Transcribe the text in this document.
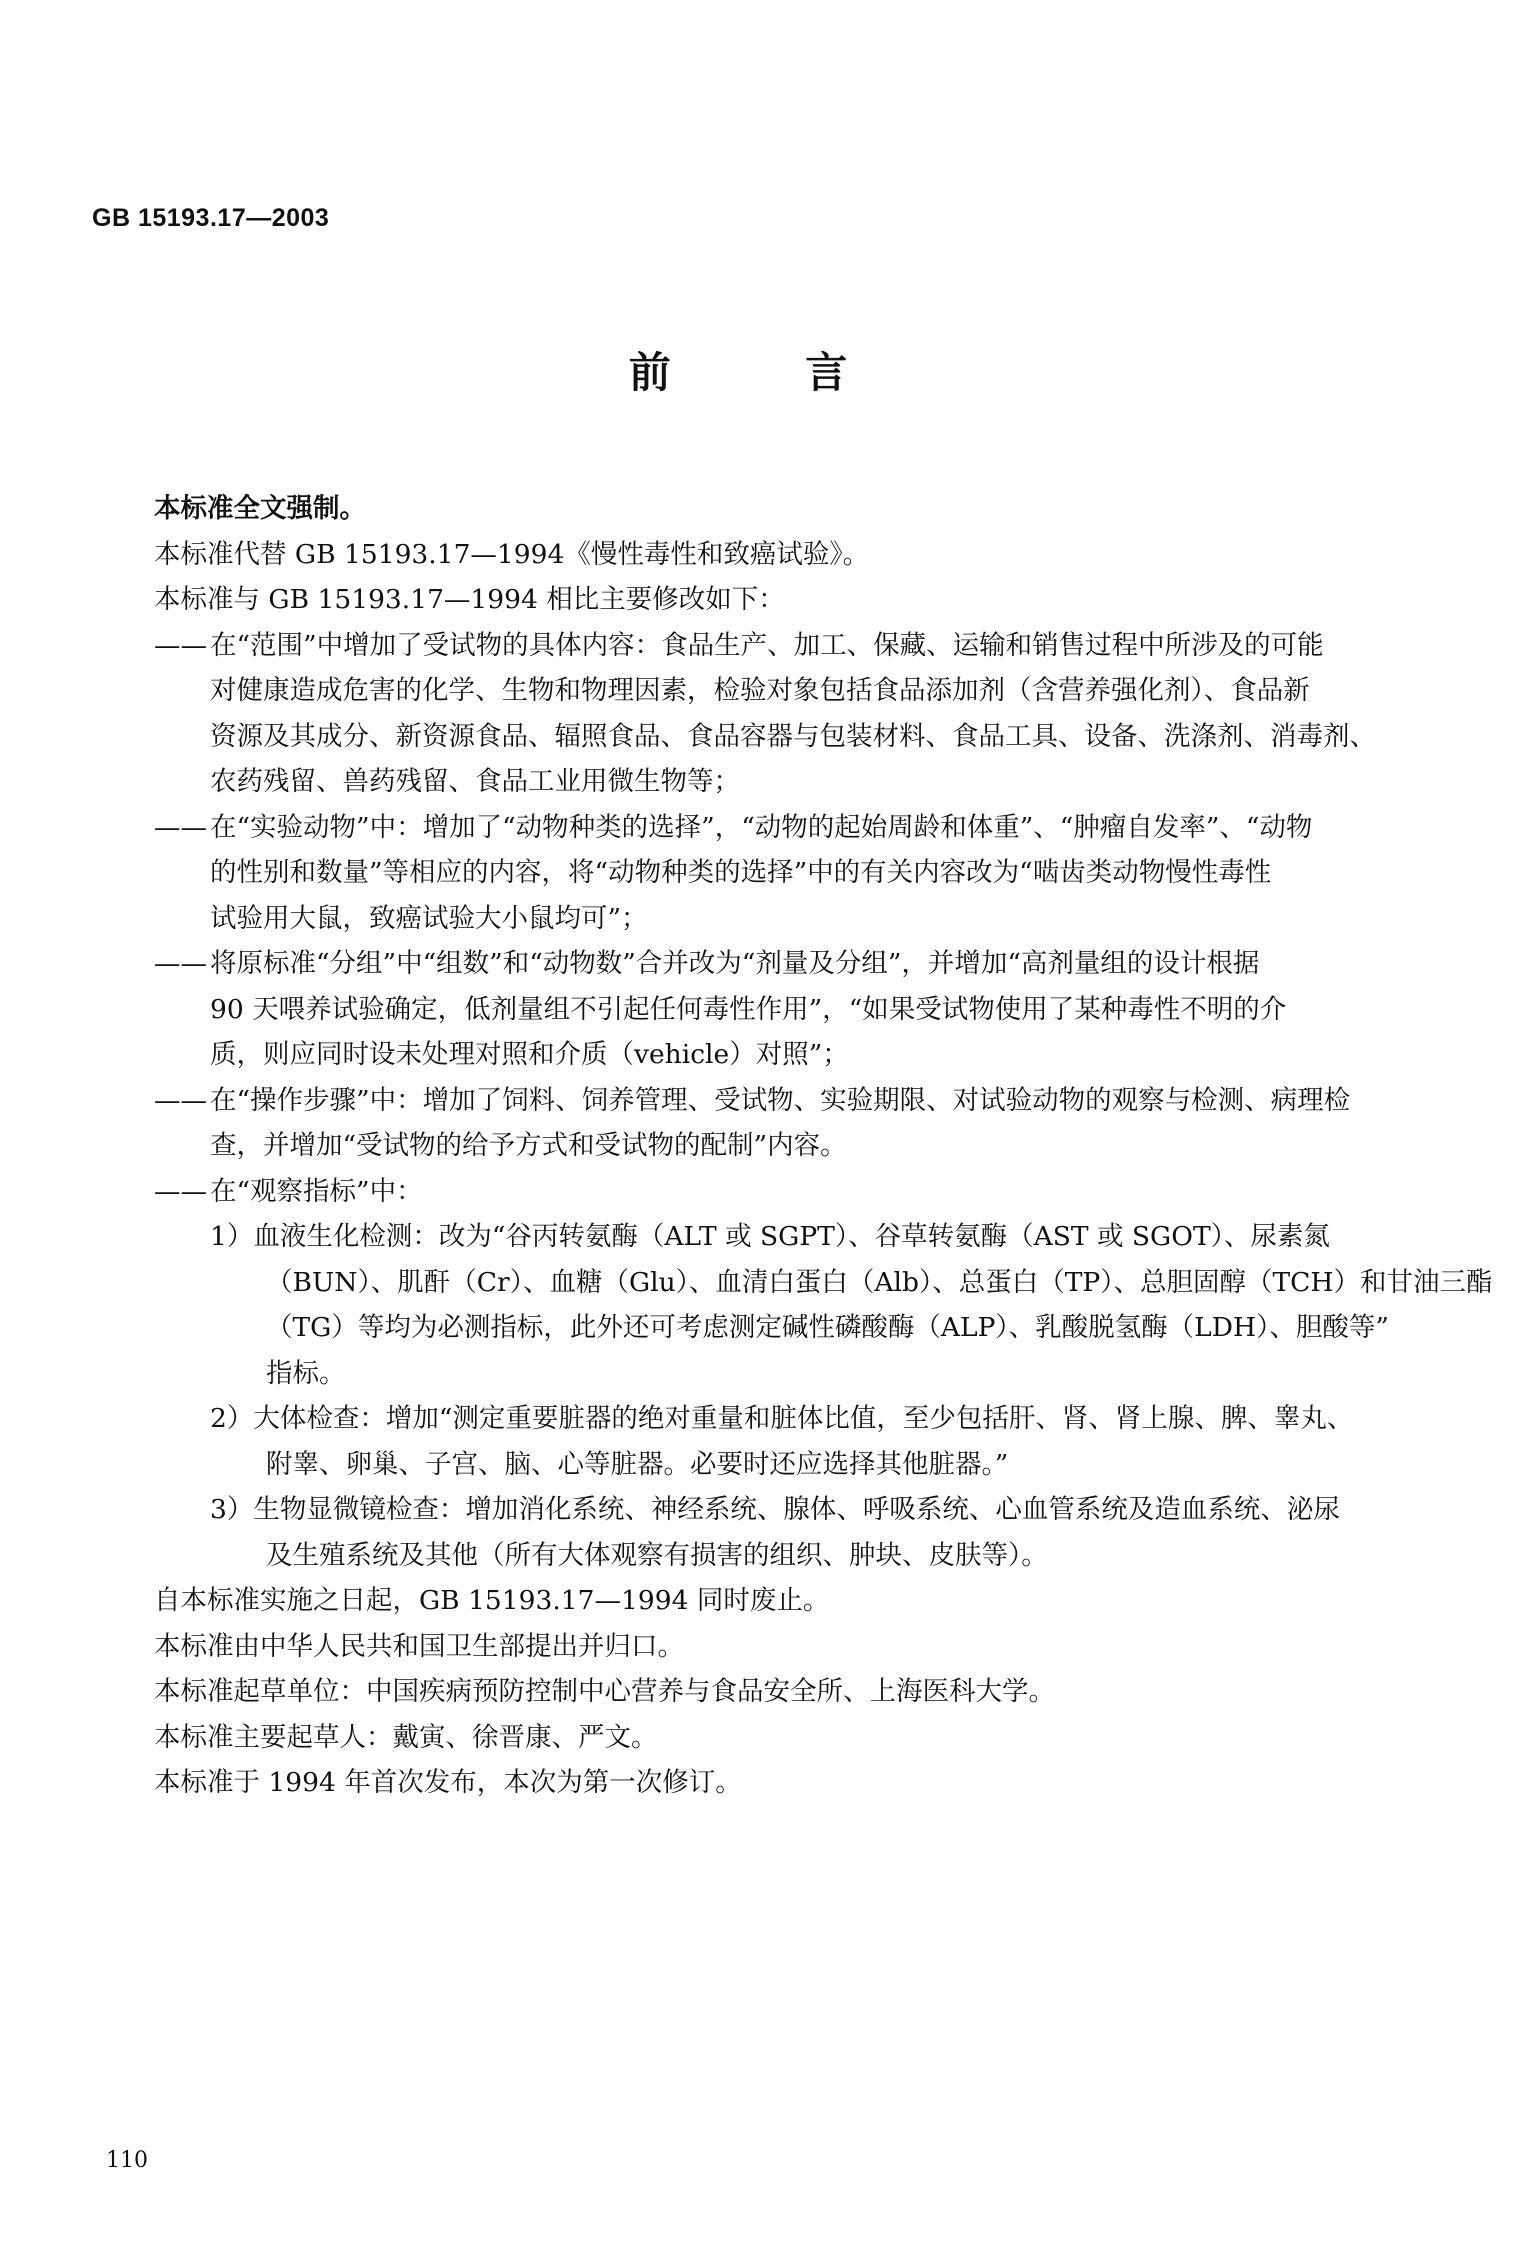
GB 15193.17—2003
前 言
本标准全文强制。
本标准代替 GB 15193.17—1994《慢性毒性和致癌试验》。
本标准与 GB 15193.17—1994 相比主要修改如下：
—— 在“范围”中增加了受试物的具体内容：食品生产、加工、保藏、运输和销售过程中所涉及的可能
对健康造成危害的化学、生物和物理因素，检验对象包括食品添加剂（含营养强化剂）、食品新
资源及其成分、新资源食品、辐照食品、食品容器与包装材料、食品工具、设备、洗涤剂、消毒剂、
农药残留、兽药残留、食品工业用微生物等；
—— 在“实验动物”中：增加了“动物种类的选择”，“动物的起始周龄和体重”、“肿瘤自发率”、“动物
的性别和数量”等相应的内容，将“动物种类的选择”中的有关内容改为“啮齿类动物慢性毒性
试验用大鼠，致癌试验大小鼠均可”；
—— 将原标准“分组”中“组数”和“动物数”合并改为“剂量及分组”，并增加“高剂量组的设计根据
90 天喂养试验确定，低剂量组不引起任何毒性作用”，“如果受试物使用了某种毒性不明的介
质，则应同时设未处理对照和介质（vehicle）对照”；
—— 在“操作步骤”中：增加了饲料、饲养管理、受试物、实验期限、对试验动物的观察与检测、病理检
查，并增加“受试物的给予方式和受试物的配制”内容。
—— 在“观察指标”中：
1）血液生化检测：改为“谷丙转氨酶（ALT 或 SGPT）、谷草转氨酶（AST 或 SGOT）、尿素氮
（BUN）、肌酐（Cr）、血糖（Glu）、血清白蛋白（Alb）、总蛋白（TP）、总胆固醇（TCH）和甘油三酯
（TG）等均为必测指标，此外还可考虑测定碱性磷酸酶（ALP）、乳酸脱氢酶（LDH）、胆酸等”
指标。
2）大体检查：增加“测定重要脏器的绝对重量和脏体比值，至少包括肝、肾、肾上腺、脾、睾丸、
附睾、卵巢、子宫、脑、心等脏器。必要时还应选择其他脏器。”
3）生物显微镜检查：增加消化系统、神经系统、腺体、呼吸系统、心血管系统及造血系统、泌尿
及生殖系统及其他（所有大体观察有损害的组织、肿块、皮肤等）。
自本标准实施之日起，GB 15193.17—1994 同时废止。
本标准由中华人民共和国卫生部提出并归口。
本标准起草单位：中国疾病预防控制中心营养与食品安全所、上海医科大学。
本标准主要起草人：戴寅、徐晋康、严文。
本标准于 1994 年首次发布，本次为第一次修订。
110
